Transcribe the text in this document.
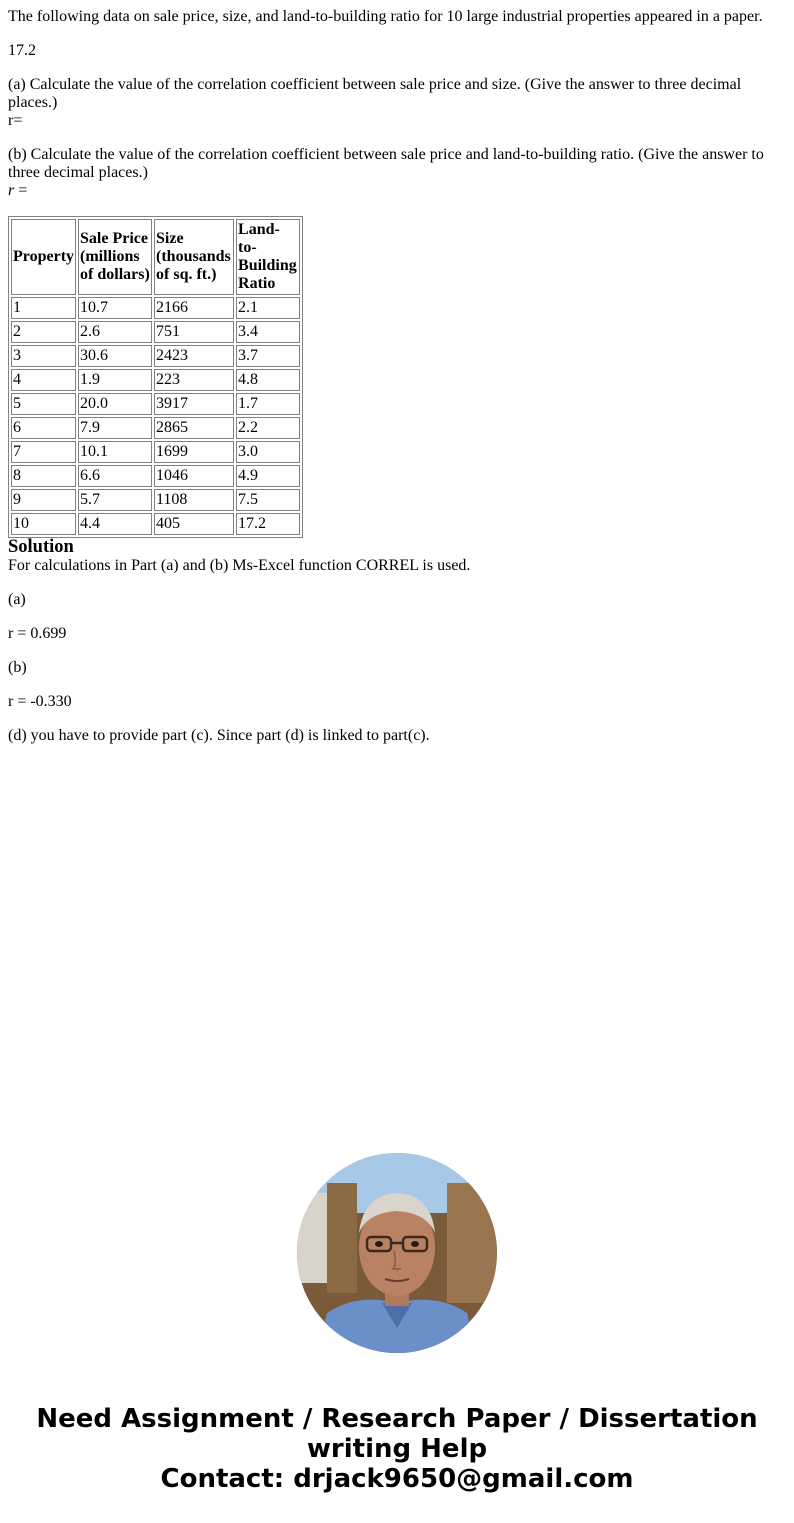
The following data on sale price, size, and land-to-building ratio for 10 large industrial properties appeared in a paper.

17.2

(a) Calculate the value of the correlation coefficient between sale price and size. (Give the answer to three decimal places.)
r=

(b) Calculate the value of the correlation coefficient between sale price and land-to-building ratio. (Give the answer to three decimal places.)
r =

Property	Sale Price (millions of dollars)	Size (thousands of sq. ft.)	Land-to-Building Ratio
1	10.7	2166	2.1
2	2.6	751	3.4
3	30.6	2423	3.7
4	1.9	223	4.8
5	20.0	3917	1.7
6	7.9	2865	2.2
7	10.1	1699	3.0
8	6.6	1046	4.9
9	5.7	1108	7.5
10	4.4	405	17.2
Solution

For calculations in Part (a) and (b) Ms-Excel function CORREL is used.

(a)

r = 0.699

(b)

r = -0.330

(d) you have to provide part (c). Since part (d) is linked to part(c).

Need Assignment / Research Paper / Dissertation
writing Help
Contact: drjack9650@gmail.com
